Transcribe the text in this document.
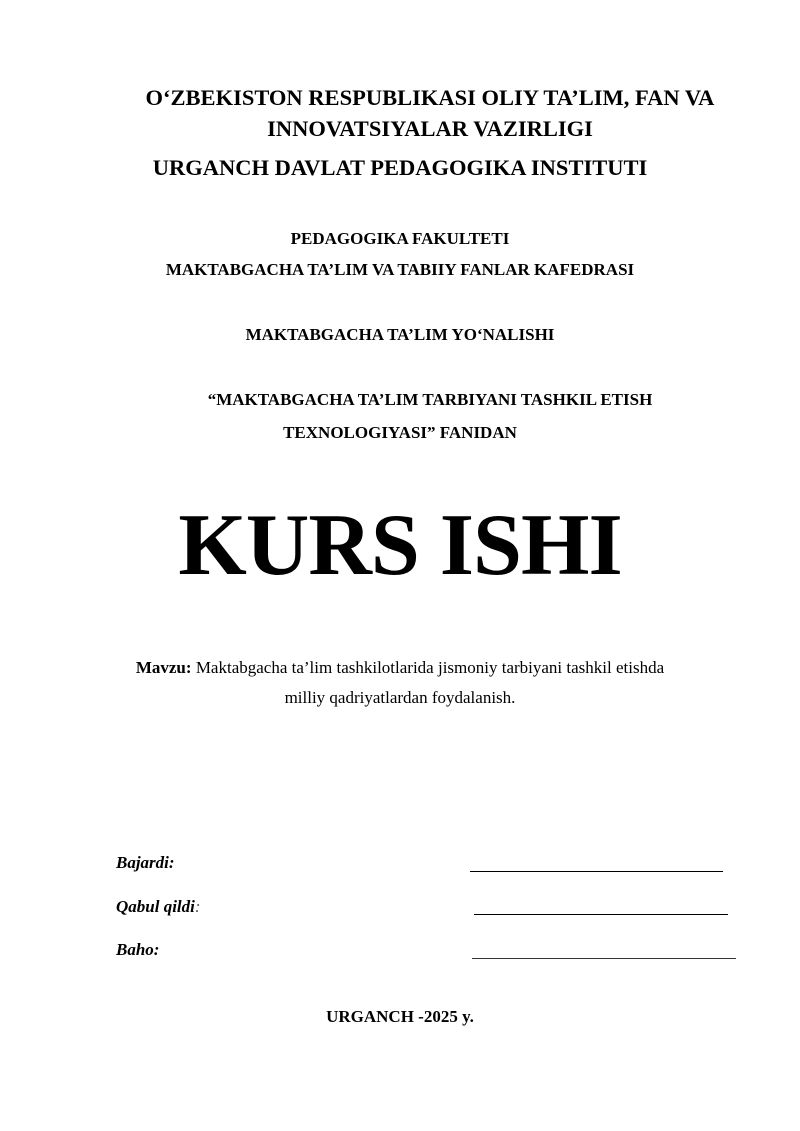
O‘ZBEKISTON RESPUBLIKASI OLIY TA’LIM, FAN VA INNOVATSIYALAR VAZIRLIGI
URGANCH DAVLAT PEDAGOGIKA INSTITUTI
PEDAGOGIKA FAKULTETI
MAKTABGACHA TA’LIM VA TABIIY FANLAR KAFEDRASI
MAKTABGACHA TA’LIM YO‘NALISHI
“MAKTABGACHA TA’LIM TARBIYANI TASHKIL ETISH
TEXNOLOGIYASI” FANIDAN
KURS ISHI
Mavzu: Maktabgacha ta’lim tashkilotlarida jismoniy tarbiyani tashkil etishda
milliy qadriyatlardan foydalanish.
Bajardi:
Qabul qildi:
Baho:
URGANCH -2025 y.
